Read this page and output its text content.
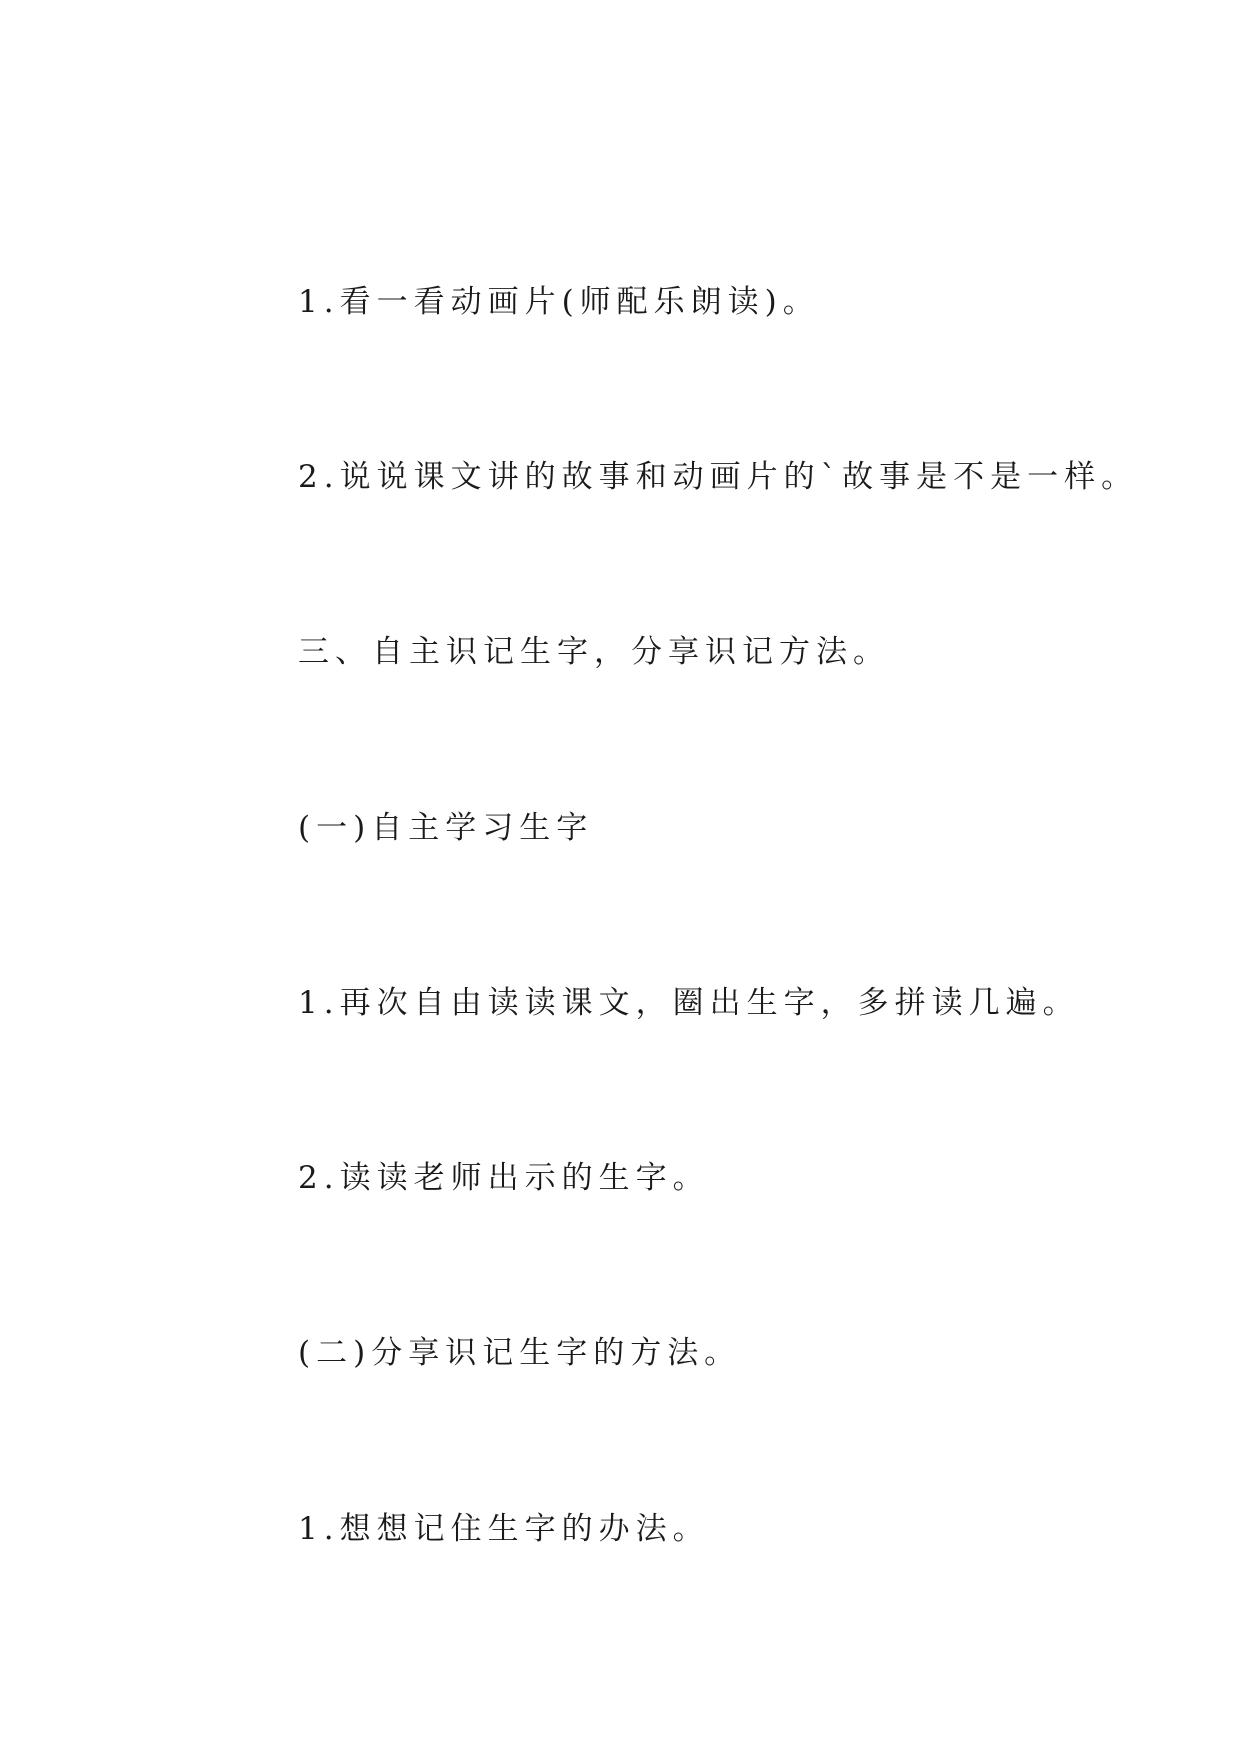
1.看一看动画片(师配乐朗读)。
2.说说课文讲的故事和动画片的`故事是不是一样。
三、自主识记生字，分享识记方法。
(一)自主学习生字
1.再次自由读读课文，圈出生字，多拼读几遍。
2.读读老师出示的生字。
(二)分享识记生字的方法。
1.想想记住生字的办法。
